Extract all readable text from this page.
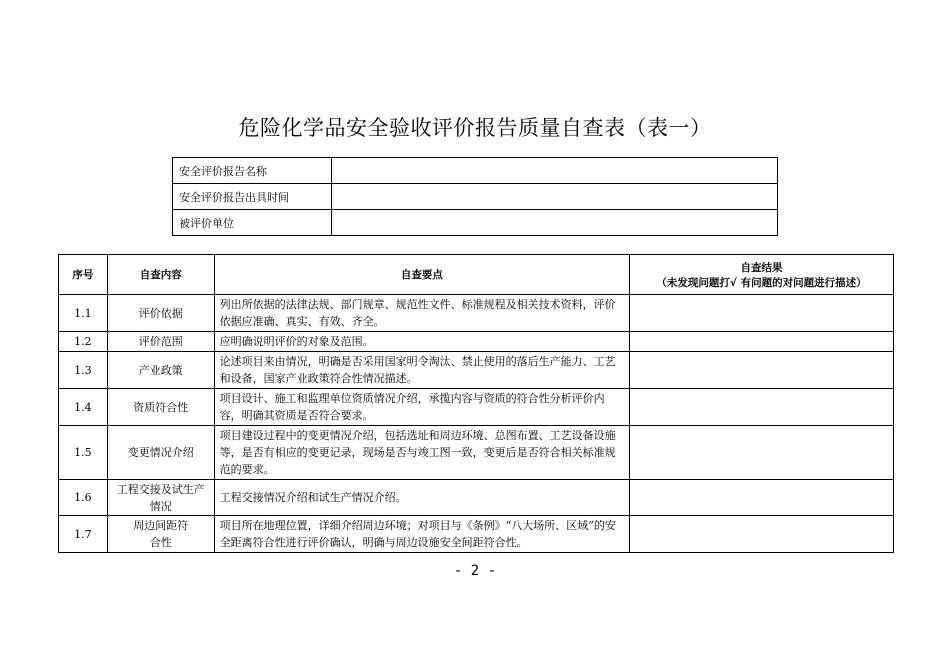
危险化学品安全验收评价报告质量自查表（表一）
安全评价报告名称	
安全评价报告出具时间	
被评价单位	
序号	自查内容	自查要点	自查结果
（未发现问题打√ 有问题的对问题进行描述）

1.1	评价依据	列出所依据的法律法规、部门规章、规范性文件、标准规程及相关技术资料，评价依据应准确、真实、有效、齐全。	
1.2	评价范围	应明确说明评价的对象及范围。	
1.3	产业政策	论述项目来由情况，明确是否采用国家明令淘汰、禁止使用的落后生产能力、工艺和设备，国家产业政策符合性情况描述。	
1.4	资质符合性	项目设计、施工和监理单位资质情况介绍，承揽内容与资质的符合性分析评价内容，明确其资质是否符合要求。	
1.5	变更情况介绍	项目建设过程中的变更情况介绍，包括选址和周边环境、总图布置、工艺设备设施等，是否有相应的变更记录，现场是否与竣工图一致，变更后是否符合相关标准规范的要求。	
1.6	工程交接及试生产情况	工程交接情况介绍和试生产情况介绍。	
1.7	周边间距符合性	项目所在地理位置，详细介绍周边环境；对项目与《条例》“八大场所、区域”的安全距离符合性进行评价确认，明确与周边设施安全间距符合性。	
- 2 -
